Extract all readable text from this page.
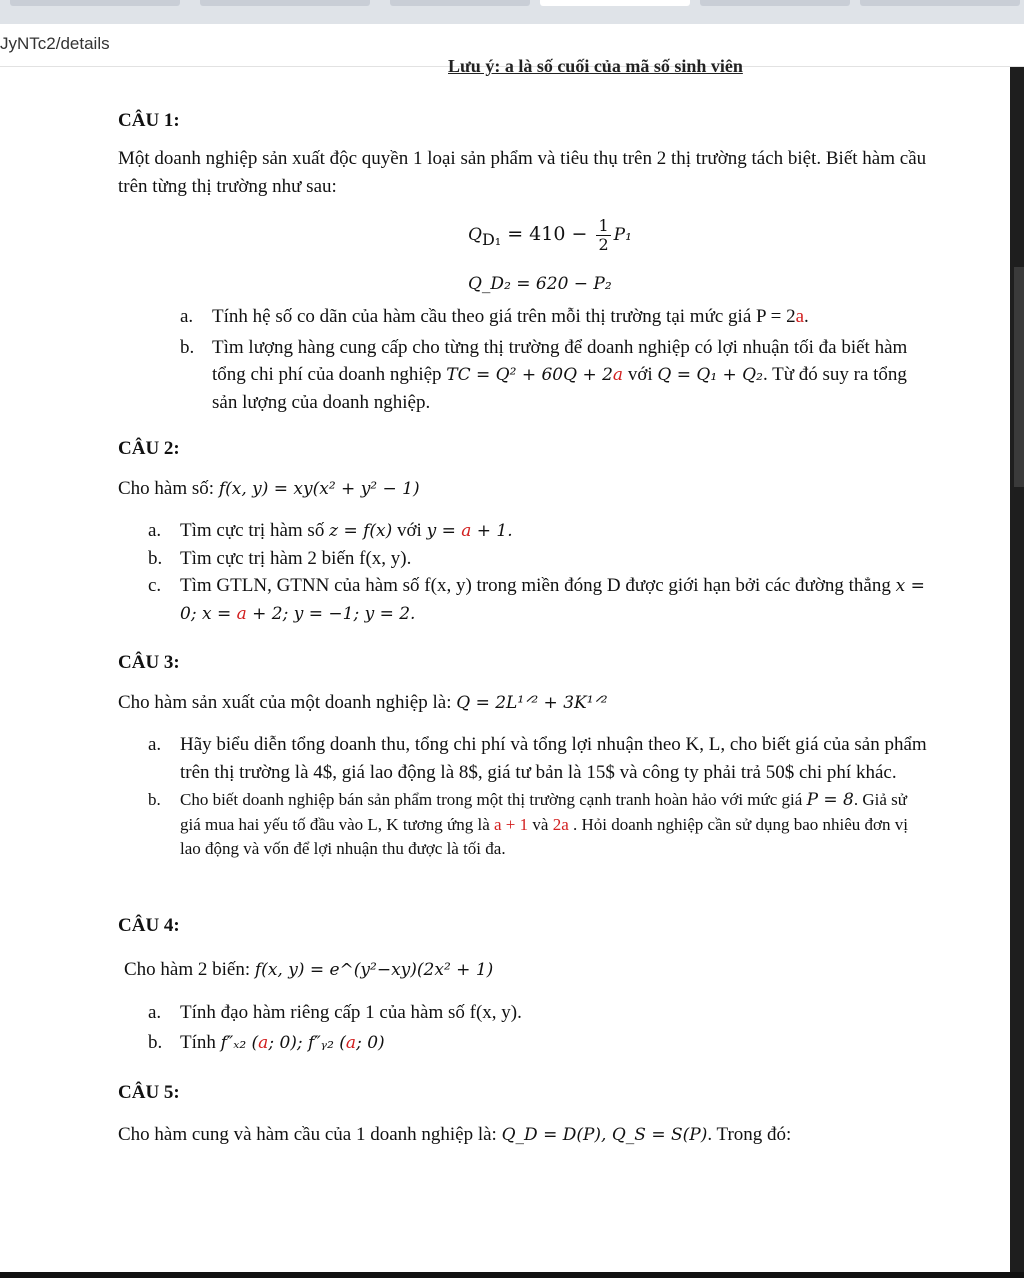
JyNTc2/details
Lưu ý: a là số cuối của mã số sinh viên
CÂU 1:
Một doanh nghiệp sản xuất độc quyền 1 loại sản phẩm và tiêu thụ trên 2 thị trường tách biệt. Biết hàm cầu trên từng thị trường như sau:
$Q_{D_1} = 410 - \frac{1}{2} P_1$
Q_D₂ = 620 − P₂
a. Tính hệ số co dãn của hàm cầu theo giá trên mỗi thị trường tại mức giá P = 2a.
b. Tìm lượng hàng cung cấp cho từng thị trường để doanh nghiệp có lợi nhuận tối đa biết hàm tổng chi phí của doanh nghiệp TC = Q² + 60Q + 2a với Q = Q₁ + Q₂. Từ đó suy ra tổng sản lượng của doanh nghiệp.
CÂU 2:
Cho hàm số: f(x, y) = xy(x² + y² − 1)
a. Tìm cực trị hàm số z = f(x) với y = a + 1.
b. Tìm cực trị hàm 2 biến f(x, y).
c. Tìm GTLN, GTNN của hàm số f(x, y) trong miền đóng D được giới hạn bởi các đường thẳng x = 0; x = a + 2; y = −1; y = 2.
CÂU 3:
Cho hàm sản xuất của một doanh nghiệp là: Q = 2L¹ᐟ² + 3K¹ᐟ²
a. Hãy biểu diễn tổng doanh thu, tổng chi phí và tổng lợi nhuận theo K, L, cho biết giá của sản phẩm trên thị trường là 4$, giá lao động là 8$, giá tư bản là 15$ và công ty phải trả 50$ chi phí khác.
b. Cho biết doanh nghiệp bán sản phẩm trong một thị trường cạnh tranh hoàn hảo với mức giá P = 8. Giả sử giá mua hai yếu tố đầu vào L, K tương ứng là a + 1 và 2a . Hỏi doanh nghiệp cần sử dụng bao nhiêu đơn vị lao động và vốn để lợi nhuận thu được là tối đa.
CÂU 4:
Cho hàm 2 biến: f(x, y) = e^(y²−xy)(2x² + 1)
a. Tính đạo hàm riêng cấp 1 của hàm số f(x, y).
b. Tính f″ₓ₂ (a; 0); f″ᵧ₂ (a; 0)
CÂU 5:
Cho hàm cung và hàm cầu của 1 doanh nghiệp là: Q_D = D(P), Q_S = S(P). Trong đó:
